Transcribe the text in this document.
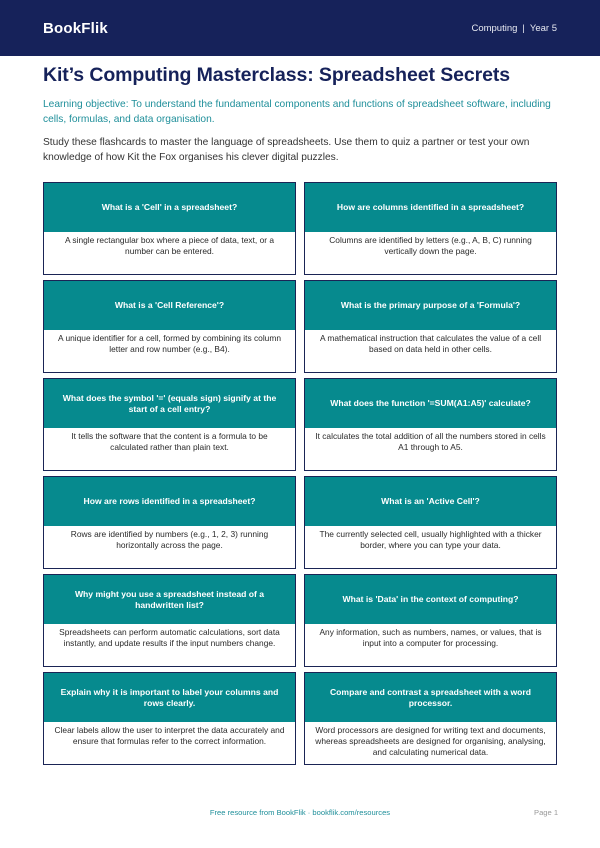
BookFlik	Computing | Year 5
Kit’s Computing Masterclass: Spreadsheet Secrets

Learning objective: To understand the fundamental components and functions of spreadsheet software, including cells, formulas, and data organisation.

Study these flashcards to master the language of spreadsheets. Use them to quiz a partner or test your own knowledge of how Kit the Fox organises his clever digital puzzles.

What is a 'Cell' in a spreadsheet?
A single rectangular box where a piece of data, text, or a number can be entered.
How are columns identified in a spreadsheet?
Columns are identified by letters (e.g., A, B, C) running vertically down the page.
What is a 'Cell Reference'?
A unique identifier for a cell, formed by combining its column letter and row number (e.g., B4).
What is the primary purpose of a 'Formula'?
A mathematical instruction that calculates the value of a cell based on data held in other cells.
What does the symbol '=' (equals sign) signify at the start of a cell entry?
It tells the software that the content is a formula to be calculated rather than plain text.
What does the function '=SUM(A1:A5)' calculate?
It calculates the total addition of all the numbers stored in cells A1 through to A5.
How are rows identified in a spreadsheet?
Rows are identified by numbers (e.g., 1, 2, 3) running horizontally across the page.
What is an 'Active Cell'?
The currently selected cell, usually highlighted with a thicker border, where you can type your data.
Why might you use a spreadsheet instead of a handwritten list?
Spreadsheets can perform automatic calculations, sort data instantly, and update results if the input numbers change.
What is 'Data' in the context of computing?
Any information, such as numbers, names, or values, that is input into a computer for processing.
Explain why it is important to label your columns and rows clearly.
Clear labels allow the user to interpret the data accurately and ensure that formulas refer to the correct information.
Compare and contrast a spreadsheet with a word processor.
Word processors are designed for writing text and documents, whereas spreadsheets are designed for organising, analysing, and calculating numerical data.
Free resource from BookFlik · bookflik.com/resources	Page 1
